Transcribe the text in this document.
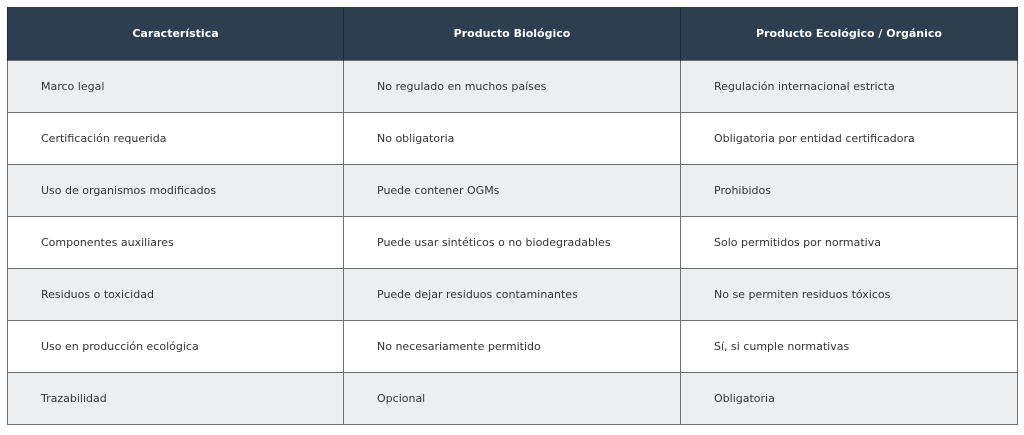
Característica	Producto Biológico	Producto Ecológico / Orgánico
Marco legal	No regulado en muchos países	Regulación internacional estricta
Certificación requerida	No obligatoria	Obligatoria por entidad certificadora
Uso de organismos modificados	Puede contener OGMs	Prohibidos
Componentes auxiliares	Puede usar sintéticos o no biodegradables	Solo permitidos por normativa
Residuos o toxicidad	Puede dejar residuos contaminantes	No se permiten residuos tóxicos
Uso en producción ecológica	No necesariamente permitido	Sí, si cumple normativas
Trazabilidad	Opcional	Obligatoria
